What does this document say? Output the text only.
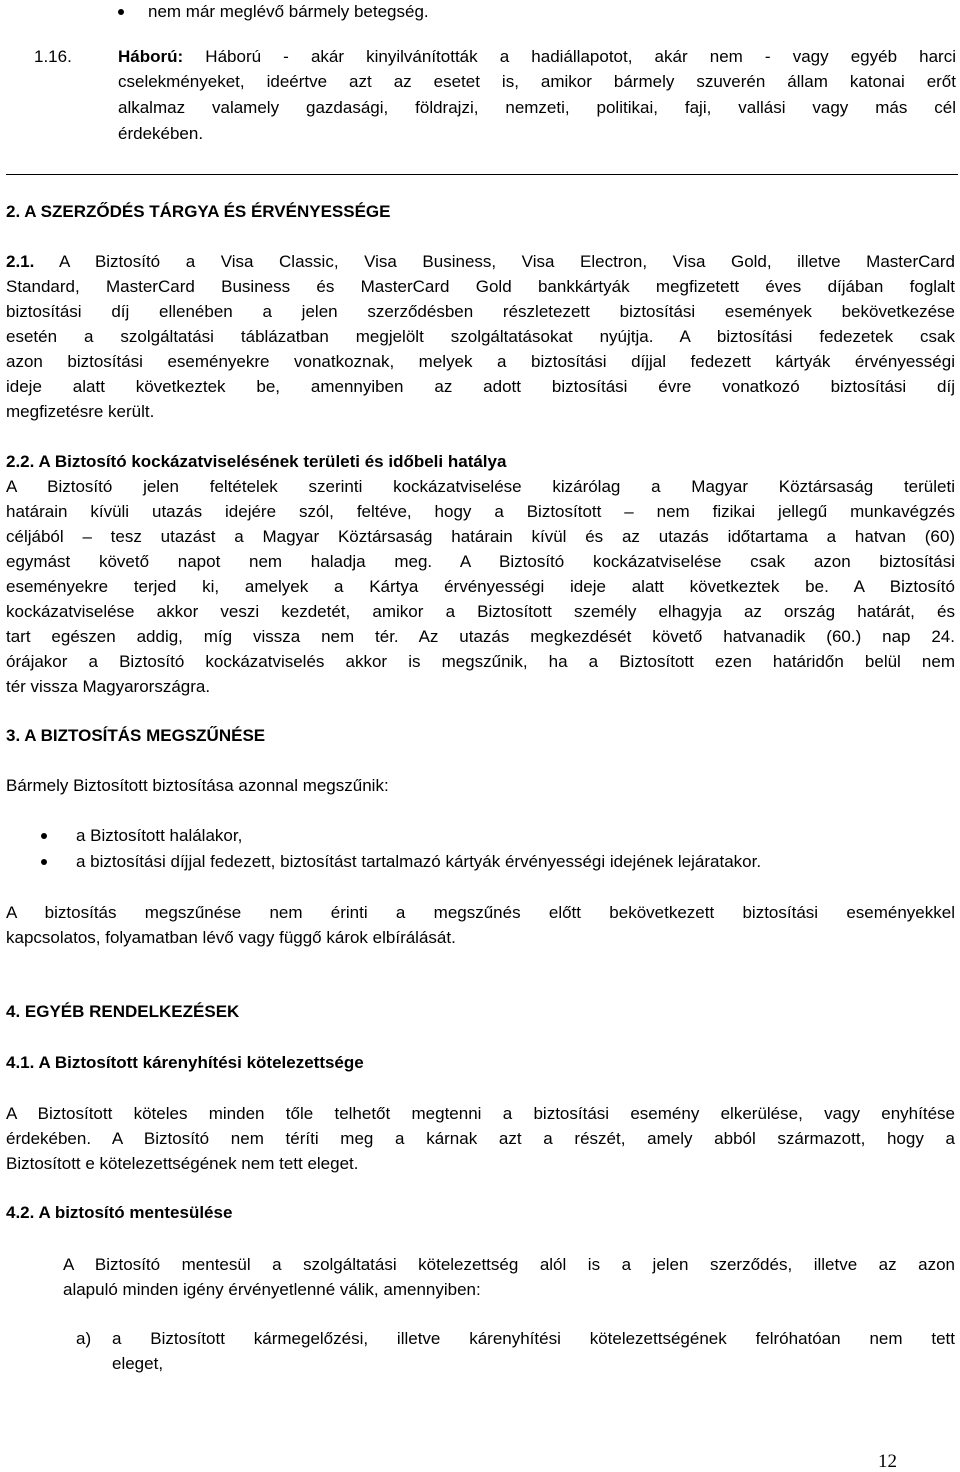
nem már meglévő bármely betegség.
1.16.	Háború: Háború - akár kinyilvánították a hadiállapotot, akár nem - vagy egyéb harci
cselekményeket, ideértve azt az esetet is, amikor bármely szuverén állam katonai erőt
alkalmaz valamely gazdasági, földrajzi, nemzeti, politikai, faji, vallási vagy más cél
érdekében.
2. A SZERZŐDÉS TÁRGYA ÉS ÉRVÉNYESSÉGE
2.1. A Biztosító a Visa Classic, Visa Business, Visa Electron, Visa Gold, illetve MasterCard
Standard, MasterCard Business és MasterCard Gold bankkártyák megfizetett éves díjában foglalt
biztosítási díj ellenében a jelen szerződésben részletezett biztosítási események bekövetkezése
esetén a szolgáltatási táblázatban megjelölt szolgáltatásokat nyújtja. A biztosítási fedezetek csak
azon biztosítási eseményekre vonatkoznak, melyek a biztosítási díjjal fedezett kártyák érvényességi
ideje alatt következtek be, amennyiben az adott biztosítási évre vonatkozó biztosítási díj
megfizetésre került.
2.2. A Biztosító kockázatviselésének területi és időbeli hatálya
A Biztosító jelen feltételek szerinti kockázatviselése kizárólag a Magyar Köztársaság területi
határain kívüli utazás idejére szól, feltéve, hogy a Biztosított – nem fizikai jellegű munkavégzés
céljából – tesz utazást a Magyar Köztársaság határain kívül és az utazás időtartama a hatvan (60)
egymást követő napot nem haladja meg. A Biztosító kockázatviselése csak azon biztosítási
eseményekre terjed ki, amelyek a Kártya érvényességi ideje alatt következtek be. A Biztosító
kockázatviselése akkor veszi kezdetét, amikor a Biztosított személy elhagyja az ország határát, és
tart egészen addig, míg vissza nem tér. Az utazás megkezdését követő hatvanadik (60.) nap 24.
órájakor a Biztosító kockázatviselés akkor is megszűnik, ha a Biztosított ezen határidőn belül nem
tér vissza Magyarországra.
3. A BIZTOSÍTÁS MEGSZŰNÉSE
Bármely Biztosított biztosítása azonnal megszűnik:
a Biztosított halálakor,
a biztosítási díjjal fedezett, biztosítást tartalmazó kártyák érvényességi idejének lejáratakor.
A biztosítás megszűnése nem érinti a megszűnés előtt bekövetkezett biztosítási eseményekkel
kapcsolatos, folyamatban lévő vagy függő károk elbírálását.
4. EGYÉB RENDELKEZÉSEK
4.1. A Biztosított kárenyhítési kötelezettsége
A Biztosított köteles minden tőle telhetőt megtenni a biztosítási esemény elkerülése, vagy enyhítése
érdekében. A Biztosító nem téríti meg a kárnak azt a részét, amely abból származott, hogy a
Biztosított e kötelezettségének nem tett eleget.
4.2. A biztosító mentesülése
A Biztosító mentesül a szolgáltatási kötelezettség alól is a jelen szerződés, illetve az azon
alapuló minden igény érvényetlenné válik, amennyiben:
a) a Biztosított kármegelőzési, illetve kárenyhítési kötelezettségének felróhatóan nem tett
eleget,
12
